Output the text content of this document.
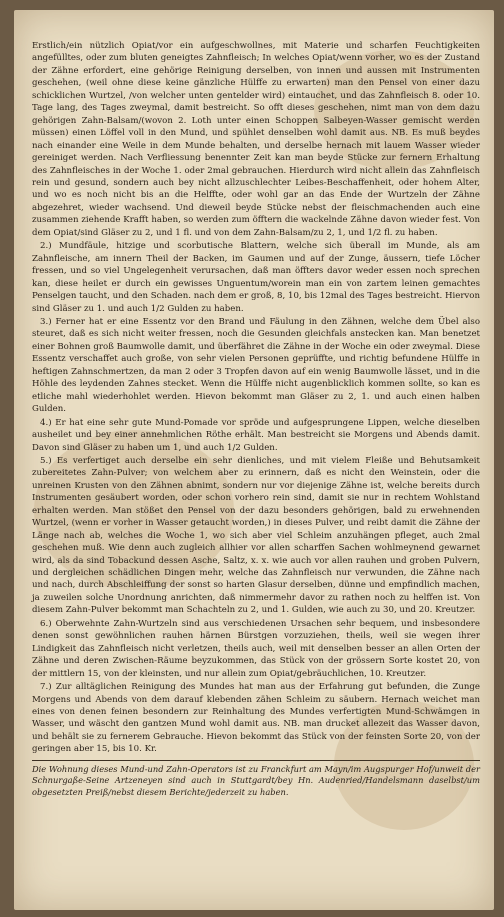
Erstlich/ein nützlich Opiat/vor ein aufgeschwollnes, mit Materie und scharfen Feuchtigkeiten angefülltes, oder zum bluten geneigtes Zahnfleisch; In welches Opiat/wenn vorher, wo es der Zustand der Zähne erfordert, eine gehörige Reinigung derselben, von innen und aussen mit Instrumenten geschehen, (weil ohne diese keine gänzliche Hülffe zu erwarten) man den Pensel von einer dazu schicklichen Wurtzel, /von welcher unten gentelder wird) eintauchet, und das Zahnfleisch 8. oder 10. Tage lang, des Tages zweymal, damit bestreicht. So offt dieses geschehen, nimt man von dem dazu gehörigen Zahn-Balsam/(wovon 2. Loth unter einen Schoppen Salbeyen-Wasser gemischt werden müssen) einen Löffel voll in den Mund, und spühlet denselben wohl damit aus. NB. Es muß beydes nach einander eine Weile in dem Munde behalten, und derselbe hernach mit lauem Wasser wieder gereiniget werden. Nach Verfliessung benennter Zeit kan man beyde Stücke zur fernern Erhaltung des Zahnfleisches in der Woche 1. oder 2mal gebrauchen. Hierdurch wird nicht allein das Zahnfleisch rein und gesund, sondern auch bey nicht allzuschlechter Leibes-Beschaffenheit, oder hohem Alter, und wo es noch nicht bis an die Helffte, oder wohl gar an das Ende der Wurtzeln der Zähne abgezehret, wieder wachsend. Und dieweil beyde Stücke nebst der fleischmachenden auch eine zusammen ziehende Krafft haben, so werden zum öfftern die wackelnde Zähne davon wieder fest. Von dem Opiat/sind Gläser zu 2, und 1 fl. und von dem Zahn-Balsam/zu 2, 1, und 1/2 fl. zu haben.

2.) Mundfäule, hitzige und scorbutische Blattern, welche sich überall im Munde, als am Zahnfleische, am innern Theil der Backen, im Gaumen und auf der Zunge, äussern, tiefe Löcher fressen, und so viel Ungelegenheit verursachen, daß man öffters davor weder essen noch sprechen kan, diese heilet er durch ein gewisses Unguentum/worein man ein von zartem leinen gemachtes Penselgen taucht, und den Schaden. nach dem er groß, 8, 10, bis 12mal des Tages bestreicht. Hiervon sind Gläser zu 1. und auch 1/2 Gulden zu haben.

3.) Ferner hat er eine Essentz vor den Brand und Fäulung in den Zähnen, welche dem Übel also steuret, daß es sich nicht weiter fressen, noch die Gesunden gleichfals anstecken kan. Man benetzet einer Bohnen groß Baumwolle damit, und überfähret die Zähne in der Woche ein oder zweymal. Diese Essentz verschaffet auch große, von sehr vielen Personen geprüffte, und richtig befundene Hülffe in heftigen Zahnschmertzen, da man 2 oder 3 Tropfen davon auf ein wenig Baumwolle lässet, und in die Höhle des leydenden Zahnes stecket. Wenn die Hülffe nicht augenblicklich kommen sollte, so kan es etliche mahl wiederhohlet werden. Hievon bekommt man Gläser zu 2, 1. und auch einen halben Gulden.

4.) Er hat eine sehr gute Mund-Pomade vor spröde und aufgesprungene Lippen, welche dieselben ausheilet und bey einer annehmlichen Röthe erhält. Man bestreicht sie Morgens und Abends damit. Davon sind Gläser zu haben um 1, und auch 1/2 Gulden.

5.) Es verfertiget auch derselbe ein sehr dienliches, und mit vielem Fleiße und Behutsamkeit zubereitetes Zahn-Pulver; von welchem aber zu erinnern, daß es nicht den Weinstein, oder die unreinen Krusten von den Zähnen abnimt, sondern nur vor diejenige Zähne ist, welche bereits durch Instrumenten gesäubert worden, oder schon vorhero rein sind, damit sie nur in rechtem Wohlstand erhalten werden. Man stößet den Pensel von der dazu besonders gehörigen, bald zu erwehnenden Wurtzel, (wenn er vorher in Wasser getaucht worden,) in dieses Pulver, und reibt damit die Zähne der Länge nach ab, welches die Woche 1, wo sich aber viel Schleim anzuhängen pfleget, auch 2mal geschehen muß. Wie denn auch zugleich allhier vor allen scharffen Sachen wohlmeynend gewarnet wird, als da sind Tobackund dessen Asche, Saltz, x. x. wie auch vor allen rauhen und groben Pulvern, und dergleichen schädlichen Dingen mehr, welche das Zahnfleisch nur verwunden, die Zähne nach und nach, durch Abschleiffung der sonst so harten Glasur derselben, dünne und empfindlich machen, ja zuweilen solche Unordnung anrichten, daß nimmermehr davor zu rathen noch zu helffen ist. Von diesem Zahn-Pulver bekommt man Schachteln zu 2, und 1. Gulden, wie auch zu 30, und 20. Kreutzer.

6.) Oberwehnte Zahn-Wurtzeln sind aus verschiedenen Ursachen sehr bequem, und insbesondere denen sonst gewöhnlichen rauhen härnen Bürstgen vorzuziehen, theils, weil sie wegen ihrer Lindigkeit das Zahnfleisch nicht verletzen, theils auch, weil mit denselben besser an allen Orten der Zähne und deren Zwischen-Räume beyzukommen, das Stück von der grössern Sorte kostet 20, von der mittlern 15, von der kleinsten, und nur allein zum Opiat/gebräuchlichen, 10. Kreutzer.

7.) Zur alltäglichen Reinigung des Mundes hat man aus der Erfahrung gut befunden, die Zunge Morgens und Abends von dem darauf klebenden zähen Schleim zu säubern. Hernach weichet man eines von denen feinen besondern zur Reinhaltung des Mundes verfertigten Mund-Schwämgen in Wasser, und wäscht den gantzen Mund wohl damit aus. NB. man drucket allezeit das Wasser davon, und behält sie zu fernerem Gebrauche. Hievon bekommt das Stück von der feinsten Sorte 20, von der geringen aber 15, bis 10. Kr.

Die Wohnung dieses Mund-und Zahn-Operators ist zu Franckfurt am Mayn/im Augspurger Hof/unweit der Schnurgaße-Seine Artzeneyen sind auch in Stuttgardt/bey Hn. Audenried/Handelsmann daselbst/um obgesetzten Preiß/nebst diesem Berichte/jederzeit zu haben.
